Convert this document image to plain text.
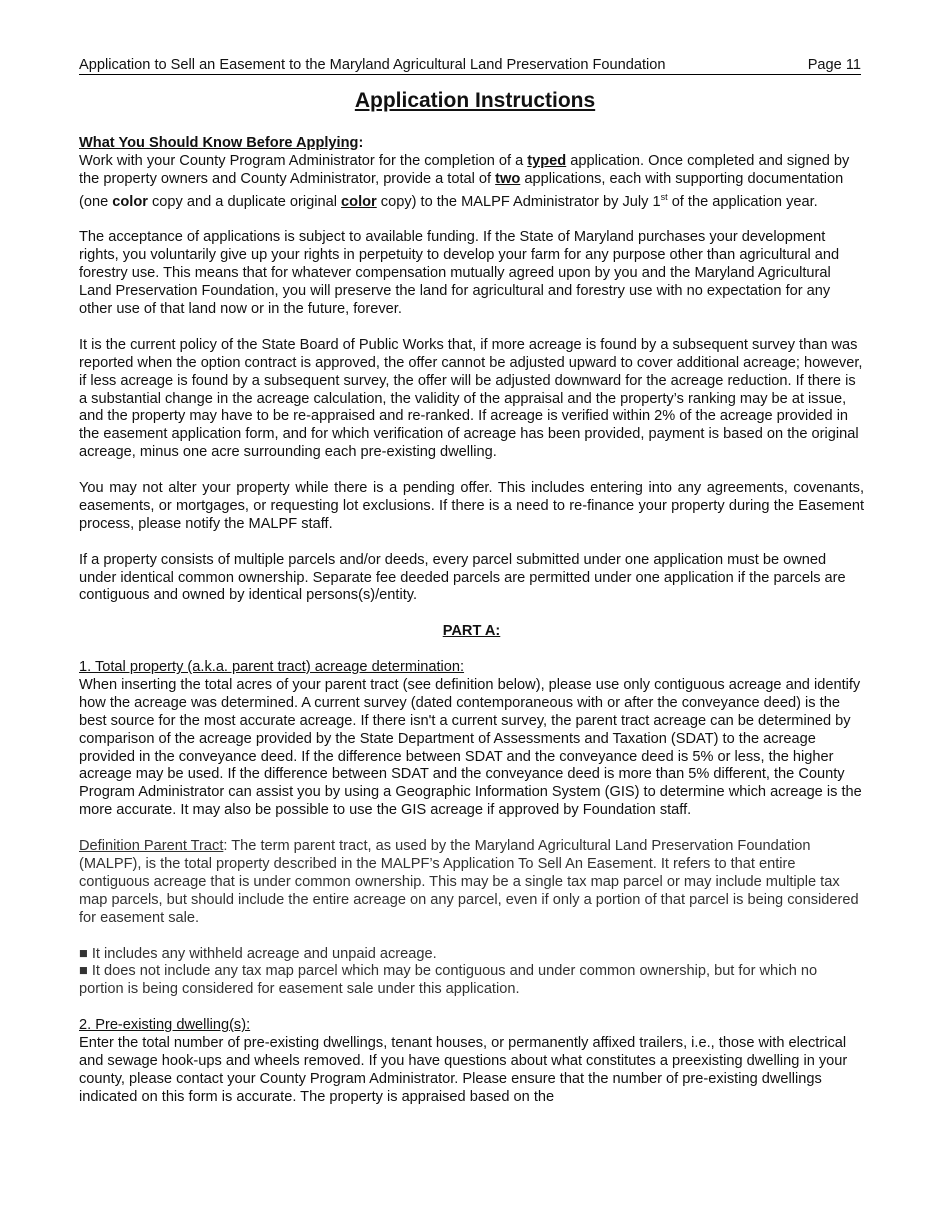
Application to Sell an Easement to the Maryland Agricultural Land Preservation Foundation	Page 11
Application Instructions
What You Should Know Before Applying:

Work with your County Program Administrator for the completion of a typed application. Once completed and signed by the property owners and County Administrator, provide a total of two applications, each with supporting documentation (one color copy and a duplicate original color copy) to the MALPF Administrator by July 1st of the application year.

The acceptance of applications is subject to available funding. If the State of Maryland purchases your development rights, you voluntarily give up your rights in perpetuity to develop your farm for any purpose other than agricultural and forestry use. This means that for whatever compensation mutually agreed upon by you and the Maryland Agricultural Land Preservation Foundation, you will preserve the land for agricultural and forestry use with no expectation for any other use of that land now or in the future, forever.

It is the current policy of the State Board of Public Works that, if more acreage is found by a subsequent survey than was reported when the option contract is approved, the offer cannot be adjusted upward to cover additional acreage; however, if less acreage is found by a subsequent survey, the offer will be adjusted downward for the acreage reduction. If there is a substantial change in the acreage calculation, the validity of the appraisal and the property’s ranking may be at issue, and the property may have to be re-appraised and re-ranked. If acreage is verified within 2% of the acreage provided in the easement application form, and for which verification of acreage has been provided, payment is based on the original acreage, minus one acre surrounding each pre-existing dwelling.

You may not alter your property while there is a pending offer. This includes entering into any agreements, covenants, easements, or mortgages, or requesting lot exclusions. If there is a need to re-finance your property during the Easement process, please notify the MALPF staff.

If a property consists of multiple parcels and/or deeds, every parcel submitted under one application must be owned under identical common ownership. Separate fee deeded parcels are permitted under one application if the parcels are contiguous and owned by identical persons(s)/entity.

PART A:
1. Total property (a.k.a. parent tract) acreage determination:

When inserting the total acres of your parent tract (see definition below), please use only contiguous acreage and identify how the acreage was determined. A current survey (dated contemporaneous with or after the conveyance deed) is the best source for the most accurate acreage. If there isn't a current survey, the parent tract acreage can be determined by comparison of the acreage provided by the State Department of Assessments and Taxation (SDAT) to the acreage provided in the conveyance deed. If the difference between SDAT and the conveyance deed is 5% or less, the higher acreage may be used. If the difference between SDAT and the conveyance deed is more than 5% different, the County Program Administrator can assist you by using a Geographic Information System (GIS) to determine which acreage is the more accurate. It may also be possible to use the GIS acreage if approved by Foundation staff.

Definition Parent Tract: The term parent tract, as used by the Maryland Agricultural Land Preservation Foundation (MALPF), is the total property described in the MALPF’s Application To Sell An Easement. It refers to that entire contiguous acreage that is under common ownership. This may be a single tax map parcel or may include multiple tax map parcels, but should include the entire acreage on any parcel, even if only a portion of that parcel is being considered for easement sale.

■ It includes any withheld acreage and unpaid acreage.
■ It does not include any tax map parcel which may be contiguous and under common ownership, but for which no portion is being considered for easement sale under this application.
2. Pre-existing dwelling(s):

Enter the total number of pre-existing dwellings, tenant houses, or permanently affixed trailers, i.e., those with electrical and sewage hook-ups and wheels removed. If you have questions about what constitutes a preexisting dwelling in your county, please contact your County Program Administrator. Please ensure that the number of pre-existing dwellings indicated on this form is accurate. The property is appraised based on the
